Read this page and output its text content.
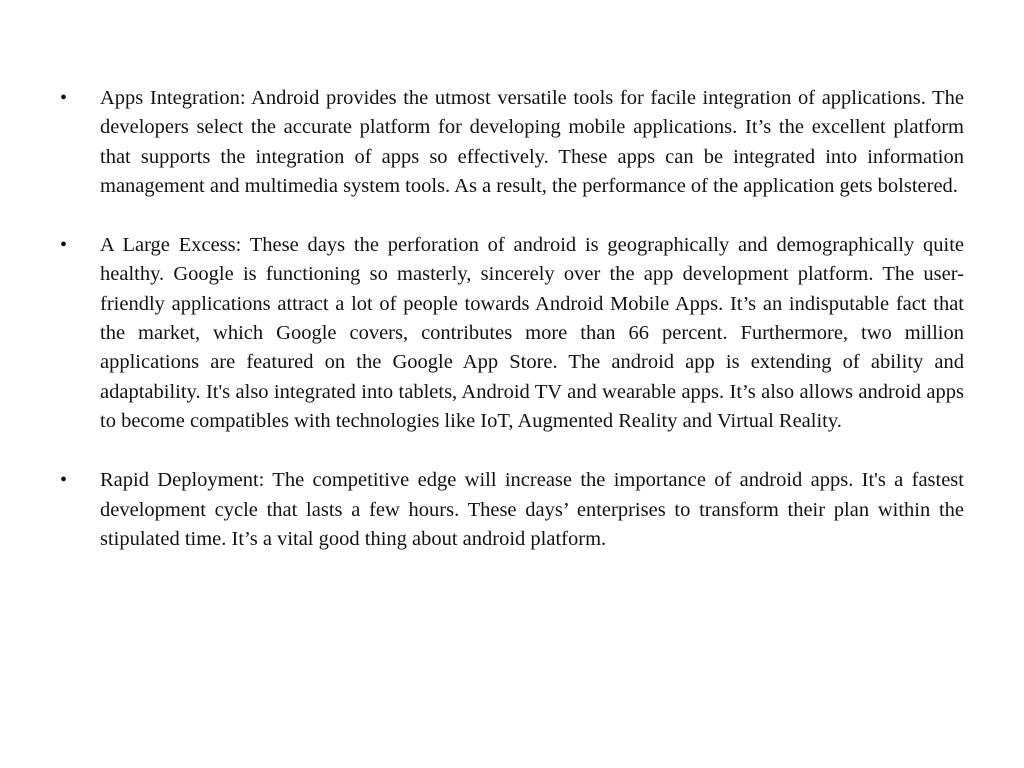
• Apps Integration: Android provides the utmost versatile tools for facile integration of applications. The developers select the accurate platform for developing mobile applications. It’s the excellent platform that supports the integration of apps so effectively. These apps can be integrated into information management and multimedia system tools. As a result, the performance of the application gets bolstered.
• A Large Excess: These days the perforation of android is geographically and demographically quite healthy. Google is functioning so masterly, sincerely over the app development platform. The user-friendly applications attract a lot of people towards Android Mobile Apps. It’s an indisputable fact that the market, which Google covers, contributes more than 66 percent. Furthermore, two million applications are featured on the Google App Store. The android app is extending of ability and adaptability. It's also integrated into tablets, Android TV and wearable apps. It’s also allows android apps to become compatibles with technologies like IoT, Augmented Reality and Virtual Reality.
• Rapid Deployment: The competitive edge will increase the importance of android apps. It's a fastest development cycle that lasts a few hours. These days’ enterprises to transform their plan within the stipulated time. It’s a vital good thing about android platform.
